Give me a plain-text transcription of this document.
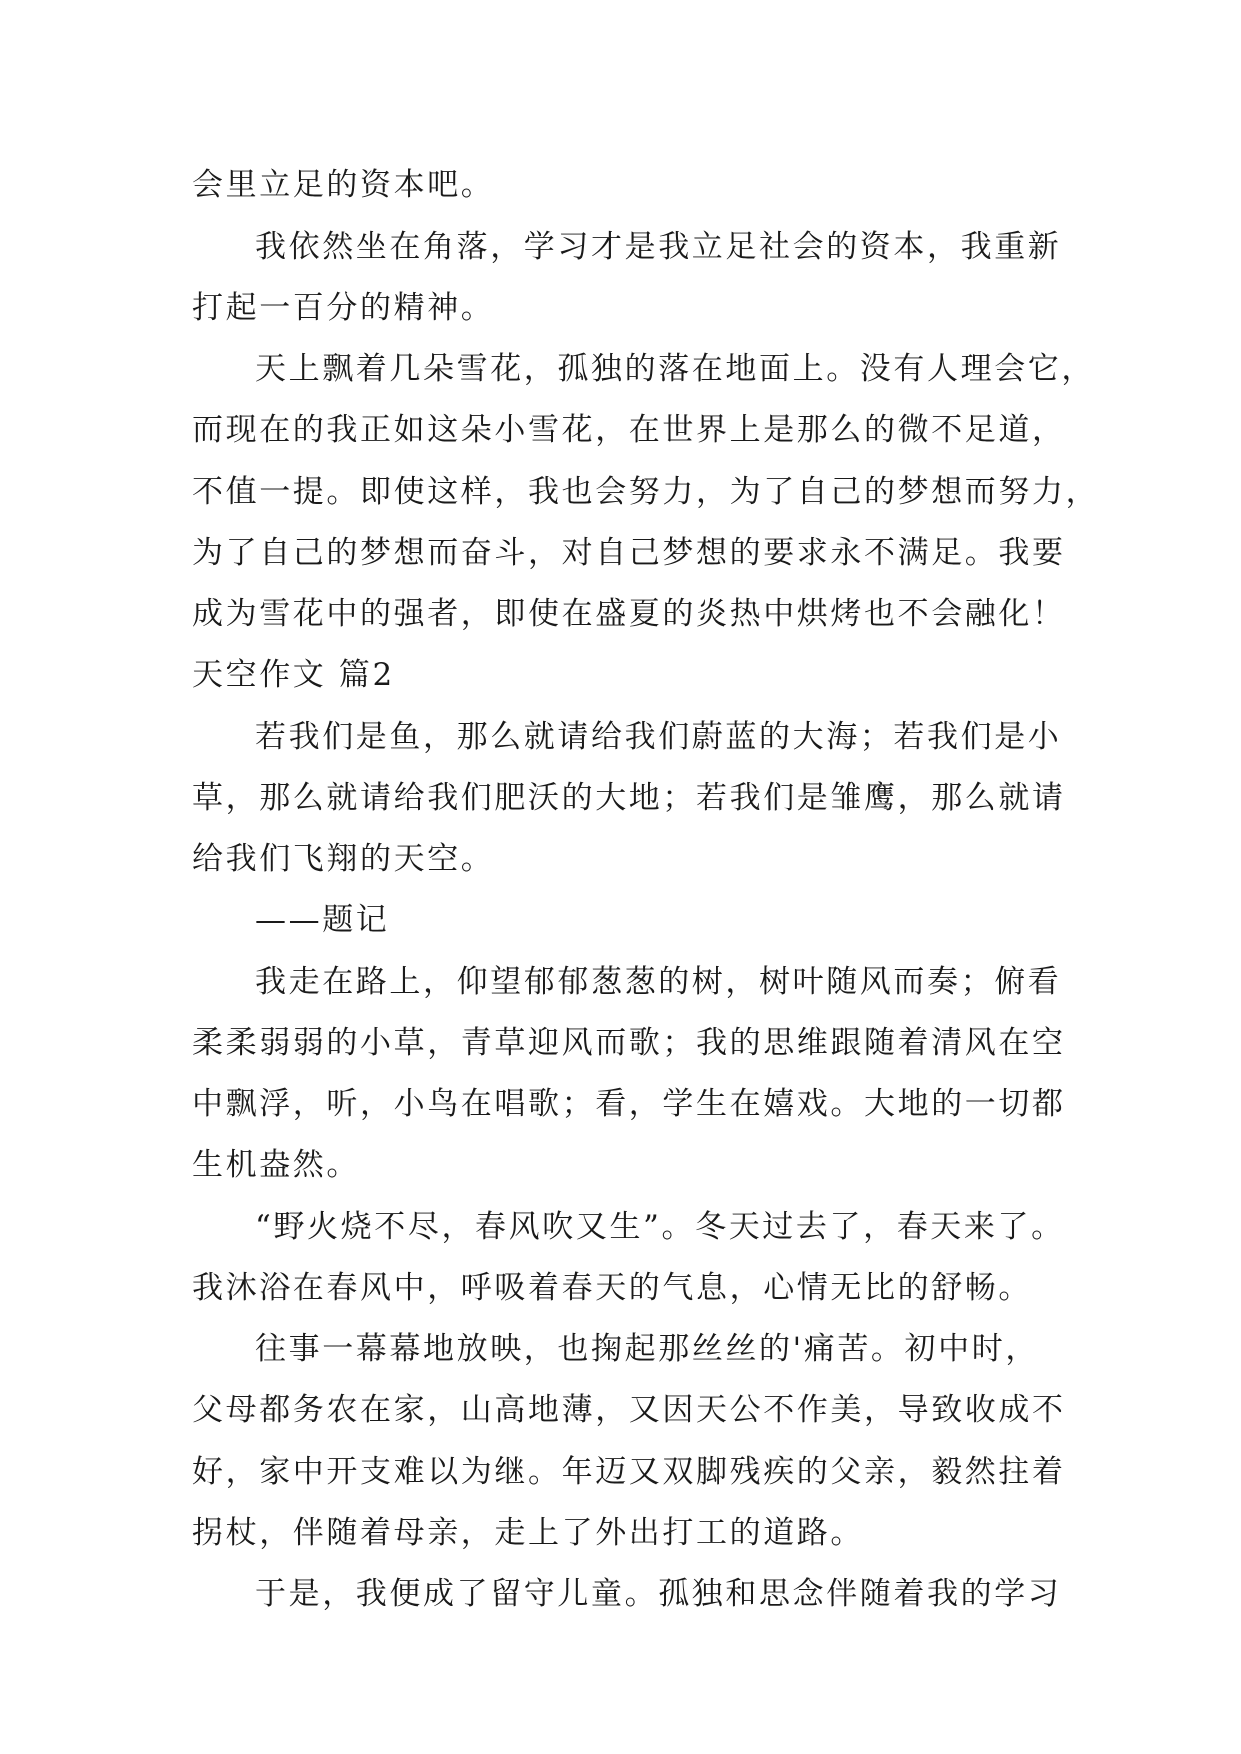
会里立足的资本吧。
我依然坐在角落，学习才是我立足社会的资本，我重新
打起一百分的精神。
天上飘着几朵雪花，孤独的落在地面上。没有人理会它，
而现在的我正如这朵小雪花，在世界上是那么的微不足道，
不值一提。即使这样，我也会努力，为了自己的梦想而努力，
为了自己的梦想而奋斗，对自己梦想的要求永不满足。我要
成为雪花中的强者，即使在盛夏的炎热中烘烤也不会融化！
天空作文 篇2
若我们是鱼，那么就请给我们蔚蓝的大海；若我们是小
草，那么就请给我们肥沃的大地；若我们是雏鹰，那么就请
给我们飞翔的天空。
——题记
我走在路上，仰望郁郁葱葱的树，树叶随风而奏；俯看
柔柔弱弱的小草，青草迎风而歌；我的思维跟随着清风在空
中飘浮，听，小鸟在唱歌；看，学生在嬉戏。大地的一切都
生机盎然。
“野火烧不尽，春风吹又生”。冬天过去了，春天来了。
我沐浴在春风中，呼吸着春天的气息，心情无比的舒畅。
往事一幕幕地放映，也掬起那丝丝的'痛苦。初中时，
父母都务农在家，山高地薄，又因天公不作美，导致收成不
好，家中开支难以为继。年迈又双脚残疾的父亲，毅然拄着
拐杖，伴随着母亲，走上了外出打工的道路。
于是，我便成了留守儿童。孤独和思念伴随着我的学习
